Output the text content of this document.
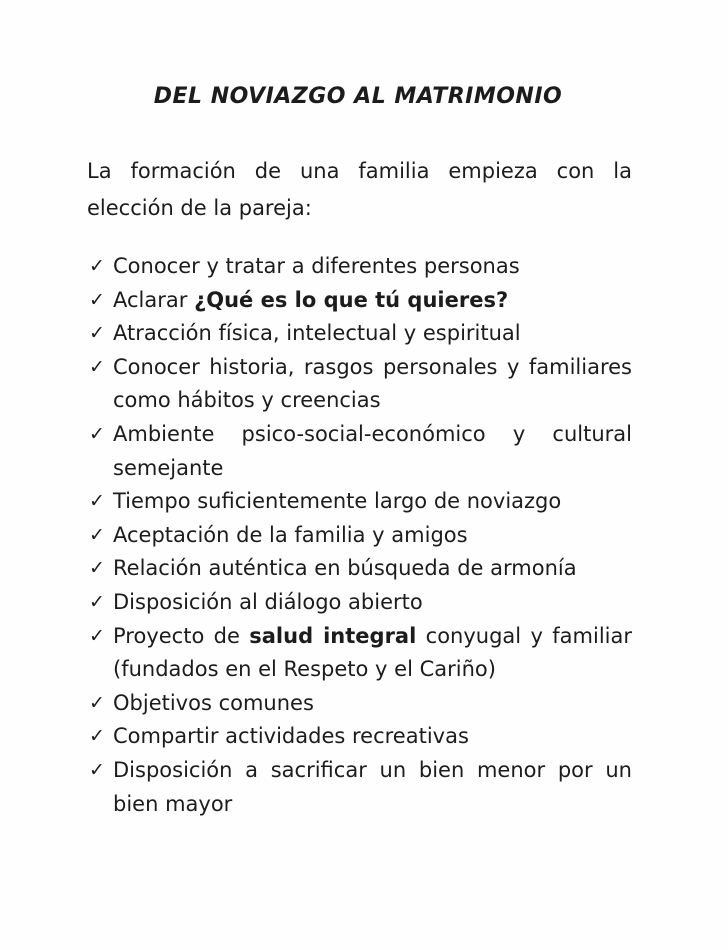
DEL NOVIAZGO AL MATRIMONIO
La formación de una familia empieza con la
elección de la pareja:
✓ Conocer y tratar a diferentes personas
✓ Aclarar ¿Qué es lo que tú quieres?
✓ Atracción física, intelectual y espiritual
✓ Conocer historia, rasgos personales y familiares como hábitos y creencias
✓ Ambiente psico-social-económico y cultural semejante
✓ Tiempo suficientemente largo de noviazgo
✓ Aceptación de la familia y amigos
✓ Relación auténtica en búsqueda de armonía
✓ Disposición al diálogo abierto
✓ Proyecto de salud integral conyugal y familiar (fundados en el Respeto y el Cariño)
✓ Objetivos comunes
✓ Compartir actividades recreativas
✓ Disposición a sacrificar un bien menor por un bien mayor
